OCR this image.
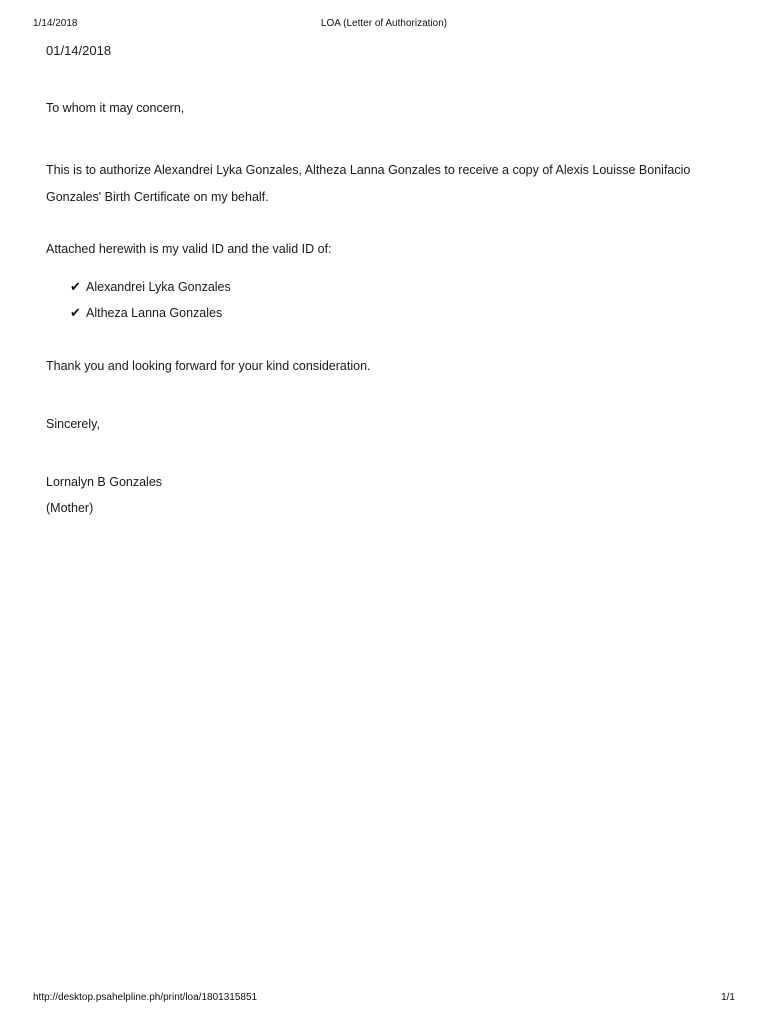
1/14/2018	LOA (Letter of Authorization)
01/14/2018
To whom it may concern,
This is to authorize Alexandrei Lyka Gonzales, Altheza Lanna Gonzales to receive a copy of Alexis Louisse Bonifacio Gonzales' Birth Certificate on my behalf.
Attached herewith is my valid ID and the valid ID of:
✔ Alexandrei Lyka Gonzales
✔ Altheza Lanna Gonzales
Thank you and looking forward for your kind consideration.
Sincerely,
Lornalyn B Gonzales
(Mother)
http://desktop.psahelpline.ph/print/loa/1801315851	1/1
